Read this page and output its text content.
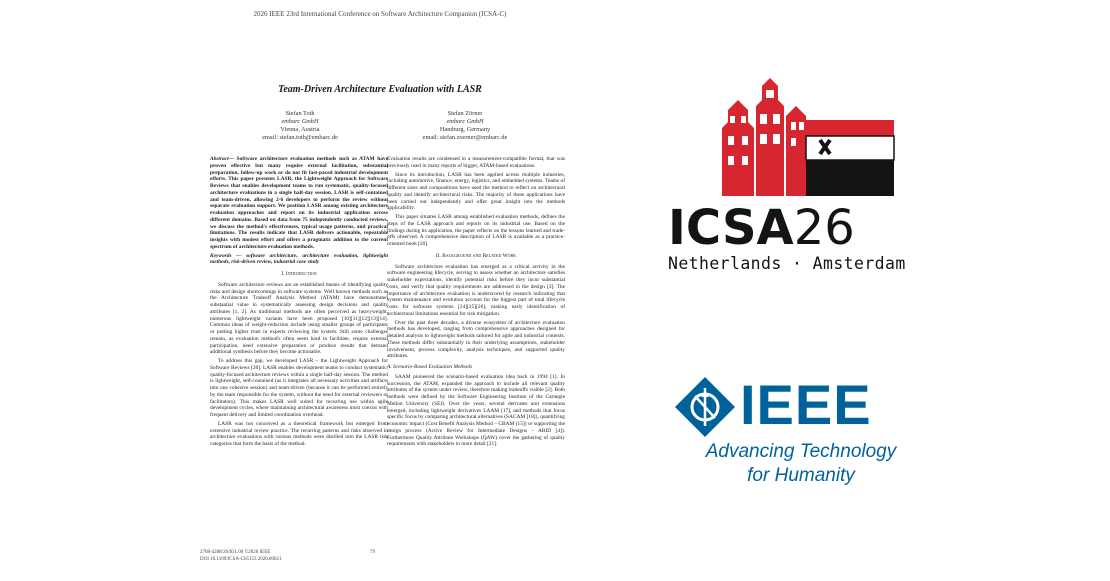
2026 IEEE 23rd International Conference on Software Architecture Companion (ICSA-C)
Team-Driven Architecture Evaluation with LASR
Stefan Toth
embarc GmbH
Vienna, Austria
email: stefan.toth@embarc.de
Stefan Zörner
embarc GmbH
Hamburg, Germany
email: stefan.zoerner@embarc.de

Abstract— Software architecture evaluation methods such as ATAM have proven effective but many require external facilitation, substantial preparation, follow-up work or do not fit fast-paced industrial development efforts. This paper presents LASR, the Lightweight Approach for Software Reviews that enables development teams to run systematic, quality-focused architecture evaluations in a single half-day session. LASR is self-contained and team-driven, allowing 2-6 developers to perform the review without separate evaluation support. We position LASR among existing architecture evaluation approaches and report on its industrial application across different domains. Based on data from 75 independently conducted reviews, we discuss the method's effectiveness, typical usage patterns, and practical limitations. The results indicate that LASR delivers actionable, repeatable insights with modest effort and offers a pragmatic addition to the current spectrum of architecture evaluation methods.

Keywords — software architecture, architecture evaluation, lightweight methods, risk-driven review, industrial case study

I. Introduction

Software architecture reviews are an established means of identifying quality risks and design shortcomings in software systems. Well known methods such as the Architecture Tradeoff Analysis Method (ATAM) have demonstrated substantial value in systematically assessing design decisions and quality attributes [1, 2]. As traditional methods are often perceived as heavyweight, numerous lightweight variants have been proposed [10][11][12][13][14]. Common ideas of weight-reduction include using smaller groups of participants or putting higher trust in experts reviewing the system. Still some challenges remain, as evaluation method's often seem hard to facilitate, require external participation, need extensive preparation or produce results that demand additional synthesis before they become actionable.

To address this gap, we developed LASR – the Lightweight Approach for Software Reviews [20]. LASR enables development teams to conduct systematic, quality-focused architecture reviews within a single half-day session. The method is lightweight, self-contained (as it integrates all necessary activities and artifacts into one cohesive session) and team-driven (because it can be performed entirely by the team responsible for the system, without the need for external reviewers or facilitators). This makes LASR well suited for recurring use within agile development cycles, where maintaining architectural awareness must coexist with frequent delivery and limited coordination overhead.

LASR was not conceived as a theoretical framework but emerged from extensive industrial review practice. The recurring patterns and risks observed in architecture evaluations with various methods were distilled into the LASR risk categories that form the basis of the method.

Evaluation results are condensed in a measurement-compatible format, that was previously used in many reports of bigger, ATAM-based evaluations.

Since its introduction, LASR has been applied across multiple industries, including automotive, finance, energy, logistics, and embedded systems. Teams of different sizes and compositions have used the method to reflect on architectural quality and identify architectural risks. The majority of these applications have been carried out independently and offer great insight into the methods applicability.

This paper situates LASR among established evaluation methods, defines the steps of the LASR approach and reports on its industrial use. Based on the findings during its application, the paper reflects on the lessons learned and trade-offs observed. A comprehensive description of LASR is available as a practice-oriented book [20].

II. Background and Related Work

Software architecture evaluation has emerged as a critical activity in the software engineering lifecycle, serving to assess whether an architecture satisfies stakeholder expectations, identify potential risks before they incur substantial costs, and verify that quality requirements are addressed in the design [3]. The importance of architecture evaluation is underscored by research indicating that system maintenance and evolution account for the biggest part of total lifecycle costs for software systems [24][25][26], making early identification of architectural limitations essential for risk mitigation.

Over the past three decades, a diverse ecosystem of architecture evaluation methods has developed, ranging from comprehensive approaches designed for detailed analysis to lightweight methods tailored for agile and industrial contexts. These methods differ substantially in their underlying assumptions, stakeholder involvement, process complexity, analysis techniques, and supported quality attributes.

A. Scenario-Based Evaluation Methods

SAAM pioneered the scenario-based evaluation idea back in 1994 [1]. In succession, the ATAM, expanded the approach to include all relevant quality attributes of the system under review, therefore making tradeoffs visible [2]. Both methods were defined by the Software Engineering Institute of the Carnegie Mellon University (SEI). Over the years, several derivates and extensions emerged, including lightweight derivatives LAAM [17], and methods that focus specific focus by comparing architectural alternatives (SACAM [18]), quantifying economic impact (Cost Benefit Analysis Method – CBAM [15]) or supporting the design process (Active Review for Intermediate Designs – ARID [4]). Furthermore Quality Attribute Workshops (QAW) cover the gathering of quality requirements with stakeholders in more detail [21].

2768-4288/26/$31.00 ©2026 IEEE
DOI 10.1109/ICSA-C65153.2026.00021
79
ICSA26
Netherlands · Amsterdam
IEEE
Advancing Technology
for Humanity
